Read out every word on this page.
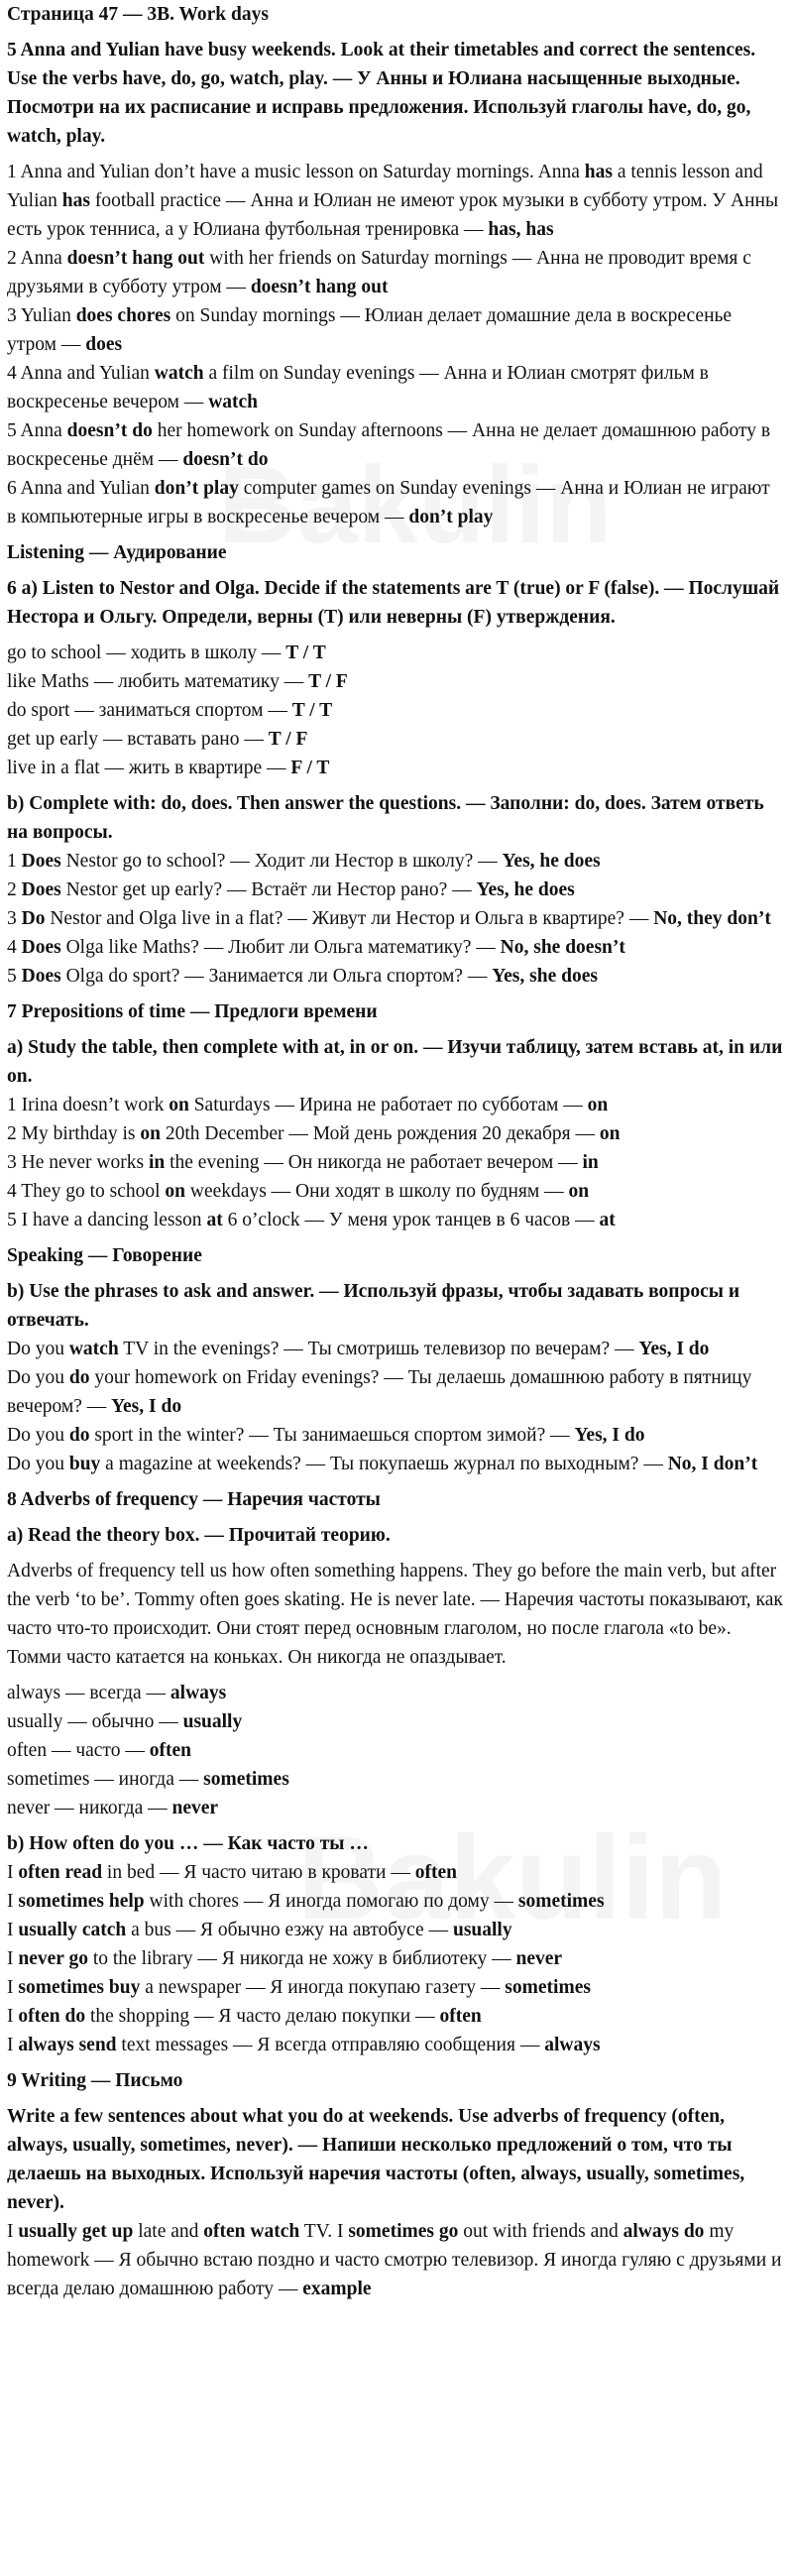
Страница 47 — 3B. Work days

5 Anna and Yulian have busy weekends. Look at their timetables and correct the sentences. Use the verbs have, do, go, watch, play. — У Анны и Юлиана насыщенные выходные. Посмотри на их расписание и исправь предложения. Используй глаголы have, do, go, watch, play.

1 Anna and Yulian don’t have a music lesson on Saturday mornings. Anna has a tennis lesson and Yulian has football practice — Анна и Юлиан не имеют урок музыки в субботу утром. У Анны есть урок тенниса, а у Юлиана футбольная тренировка — has, has

2 Anna doesn’t hang out with her friends on Saturday mornings — Анна не проводит время с друзьями в субботу утром — doesn’t hang out

3 Yulian does chores on Sunday mornings — Юлиан делает домашние дела в воскресенье утром — does

4 Anna and Yulian watch a film on Sunday evenings — Анна и Юлиан смотрят фильм в воскресенье вечером — watch

5 Anna doesn’t do her homework on Sunday afternoons — Анна не делает домашнюю работу в воскресенье днём — doesn’t do

6 Anna and Yulian don’t play computer games on Sunday evenings — Анна и Юлиан не играют в компьютерные игры в воскресенье вечером — don’t play

Listening — Аудирование

6 a) Listen to Nestor and Olga. Decide if the statements are T (true) or F (false). — Послушай Нестора и Ольгу. Определи, верны (T) или неверны (F) утверждения.

go to school — ходить в школу — T / T

like Maths — любить математику — T / F

do sport — заниматься спортом — T / T

get up early — вставать рано — T / F

live in a flat — жить в квартире — F / T

b) Complete with: do, does. Then answer the questions. — Заполни: do, does. Затем ответь на вопросы.

1 Does Nestor go to school? — Ходит ли Нестор в школу? — Yes, he does

2 Does Nestor get up early? — Встаёт ли Нестор рано? — Yes, he does

3 Do Nestor and Olga live in a flat? — Живут ли Нестор и Ольга в квартире? — No, they don’t

4 Does Olga like Maths? — Любит ли Ольга математику? — No, she doesn’t

5 Does Olga do sport? — Занимается ли Ольга спортом? — Yes, she does

7 Prepositions of time — Предлоги времени

a) Study the table, then complete with at, in or on. — Изучи таблицу, затем вставь at, in или on.

1 Irina doesn’t work on Saturdays — Ирина не работает по субботам — on

2 My birthday is on 20th December — Мой день рождения 20 декабря — on

3 He never works in the evening — Он никогда не работает вечером — in

4 They go to school on weekdays — Они ходят в школу по будням — on

5 I have a dancing lesson at 6 o’clock — У меня урок танцев в 6 часов — at

Speaking — Говорение

b) Use the phrases to ask and answer. — Используй фразы, чтобы задавать вопросы и отвечать.

Do you watch TV in the evenings? — Ты смотришь телевизор по вечерам? — Yes, I do

Do you do your homework on Friday evenings? — Ты делаешь домашнюю работу в пятницу вечером? — Yes, I do

Do you do sport in the winter? — Ты занимаешься спортом зимой? — Yes, I do

Do you buy a magazine at weekends? — Ты покупаешь журнал по выходным? — No, I don’t

8 Adverbs of frequency — Наречия частоты

a) Read the theory box. — Прочитай теорию.

Adverbs of frequency tell us how often something happens. They go before the main verb, but after the verb ‘to be’. Tommy often goes skating. He is never late. — Наречия частоты показывают, как часто что-то происходит. Они стоят перед основным глаголом, но после глагола «to be». Томми часто катается на коньках. Он никогда не опаздывает.

always — всегда — always

usually — обычно — usually

often — часто — often

sometimes — иногда — sometimes

never — никогда — never

b) How often do you … — Как часто ты …

I often read in bed — Я часто читаю в кровати — often

I sometimes help with chores — Я иногда помогаю по дому — sometimes

I usually catch a bus — Я обычно езжу на автобусе — usually

I never go to the library — Я никогда не хожу в библиотеку — never

I sometimes buy a newspaper — Я иногда покупаю газету — sometimes

I often do the shopping — Я часто делаю покупки — often

I always send text messages — Я всегда отправляю сообщения — always

9 Writing — Письмо

Write a few sentences about what you do at weekends. Use adverbs of frequency (often, always, usually, sometimes, never). — Напиши несколько предложений о том, что ты делаешь на выходных. Используй наречия частоты (often, always, usually, sometimes, never).

I usually get up late and often watch TV. I sometimes go out with friends and always do my homework — Я обычно встаю поздно и часто смотрю телевизор. Я иногда гуляю с друзьями и всегда делаю домашнюю работу — example
